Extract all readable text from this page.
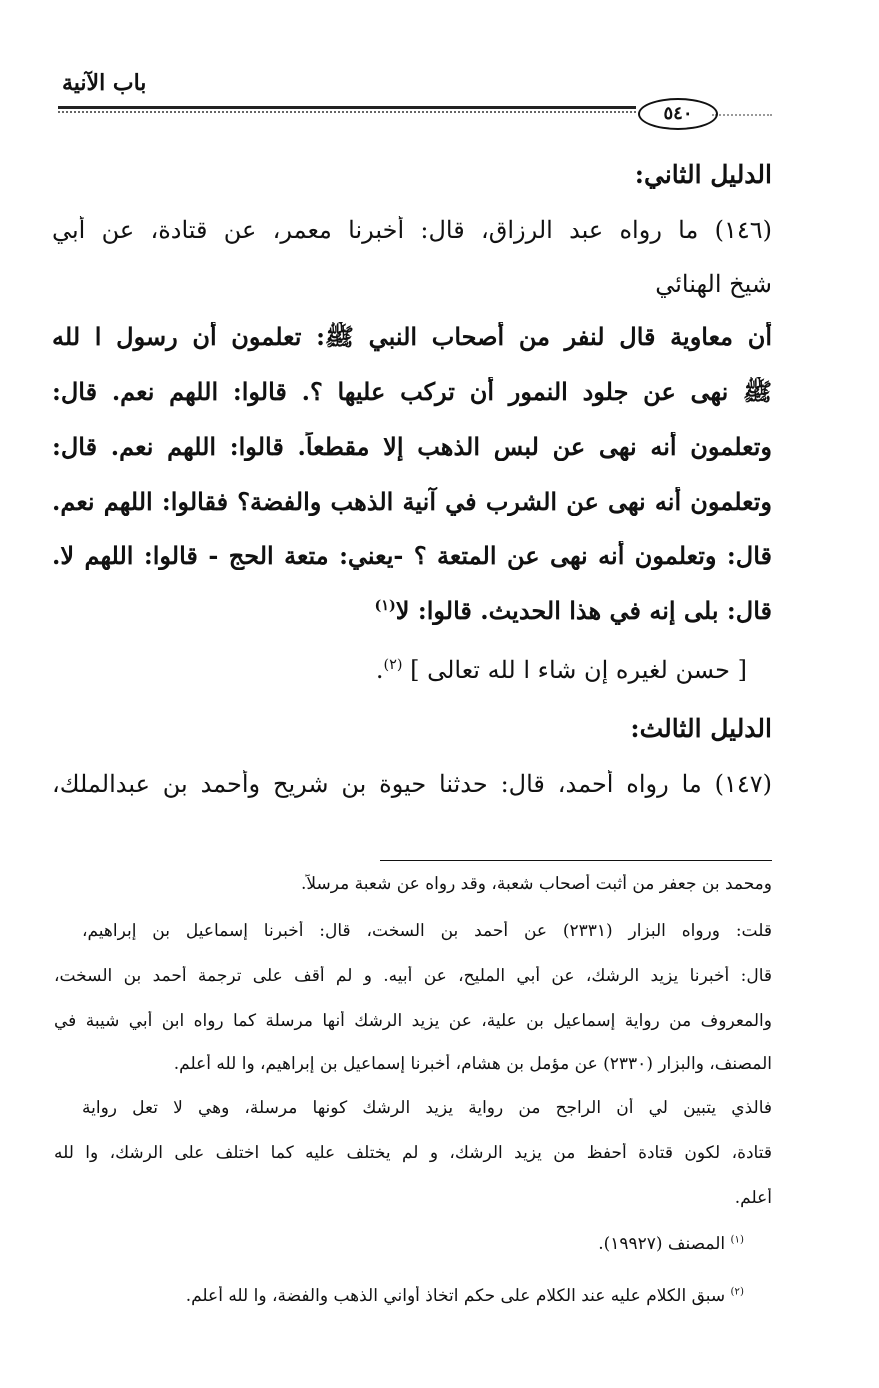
باب الآنية
٥٤٠
الدليل الثاني:
(١٤٦) ما رواه عبد الرزاق، قال: أخبرنا معمر، عن قتادة، عن أبي
شيخ الهنائي
أن معاوية قال لنفر من أصحاب النبي ﷺ: تعلمون أن رسول ا لله
ﷺ نهى عن جلود النمور أن تركب عليها ؟. قالوا: اللهم نعم. قال:
وتعلمون أنه نهى عن لبس الذهب إلا مقطعاً. قالوا: اللهم نعم. قال:
وتعلمون أنه نهى عن الشرب في آنية الذهب والفضة؟ فقالوا: اللهم نعم.
قال: وتعلمون أنه نهى عن المتعة ؟ -يعني: متعة الحج - قالوا: اللهم لا.
قال: بلى إنه في هذا الحديث. قالوا: لا$^{(١)}$
[ حسن لغيره إن شاء ا لله تعالى ] $^{(٢)}$.
الدليل الثالث:
(١٤٧) ما رواه أحمد، قال: حدثنا حيوة بن شريح وأحمد بن عبدالملك،
ومحمد بن جعفر من أثبت أصحاب شعبة، وقد رواه عن شعبة مرسلاً.
قلت: ورواه البزار (٢٣٣١) عن أحمد بن السخت، قال: أخبرنا إسماعيل بن إبراهيم،
قال: أخبرنا يزيد الرشك، عن أبي المليح، عن أبيه. و لم أقف على ترجمة أحمد بن السخت،
والمعروف من رواية إسماعيل بن علية، عن يزيد الرشك أنها مرسلة كما رواه ابن أبي شيبة في
المصنف، والبزار (٢٣٣٠) عن مؤمل بن هشام، أخبرنا إسماعيل بن إبراهيم، وا لله أعلم.
فالذي يتبين لي أن الراجح من رواية يزيد الرشك كونها مرسلة، وهي لا تعل رواية
قتادة، لكون قتادة أحفظ من يزيد الرشك، و لم يختلف عليه كما اختلف على الرشك، وا لله
أعلم.
$^{(١)}$ المصنف (١٩٩٢٧).
$^{(٢)}$ سبق الكلام عليه عند الكلام على حكم اتخاذ أواني الذهب والفضة، وا لله أعلم.
